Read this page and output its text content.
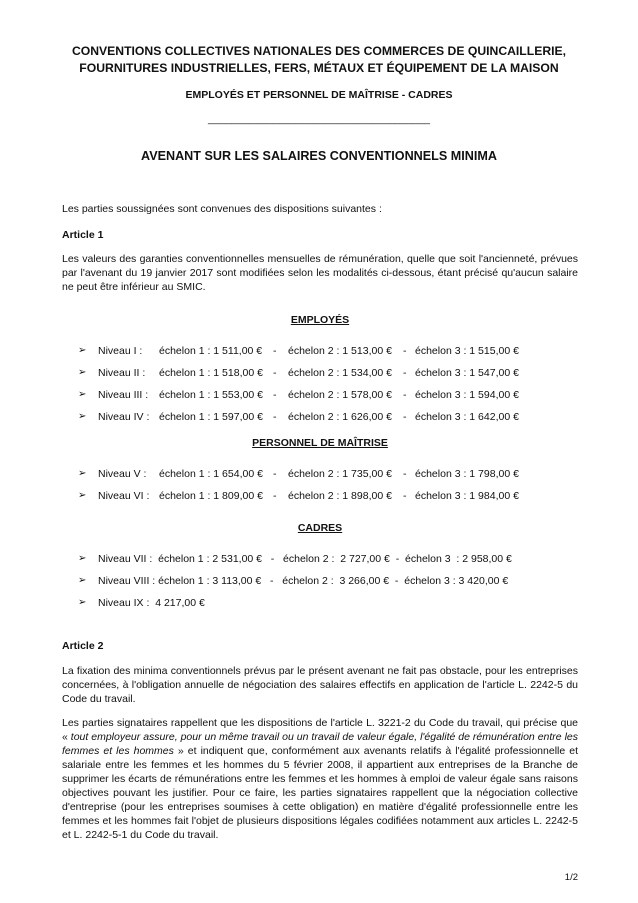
CONVENTIONS COLLECTIVES NATIONALES DES COMMERCES DE QUINCAILLERIE,
FOURNITURES INDUSTRIELLES, FERS, MÉTAUX ET ÉQUIPEMENT DE LA MAISON
EMPLOYÉS ET PERSONNEL DE MAÎTRISE - CADRES
______________________________________
AVENANT SUR LES SALAIRES CONVENTIONNELS MINIMA
Les parties soussignées sont convenues des dispositions suivantes :
Article 1
Les valeurs des garanties conventionnelles mensuelles de rémunération, quelle que soit l'ancienneté, prévues par l'avenant du 19 janvier 2017 sont modifiées selon les modalités ci-dessous, étant précisé qu'aucun salaire ne peut être inférieur au SMIC.
EMPLOYÉS
➢ Niveau I : échelon 1 : 1 511,00 € - échelon 2 : 1 513,00 € - échelon 3 : 1 515,00 €
➢ Niveau II : échelon 1 : 1 518,00 € - échelon 2 : 1 534,00 € - échelon 3 : 1 547,00 €
➢ Niveau III : échelon 1 : 1 553,00 € - échelon 2 : 1 578,00 € - échelon 3 : 1 594,00 €
➢ Niveau IV : échelon 1 : 1 597,00 € - échelon 2 : 1 626,00 € - échelon 3 : 1 642,00 €
PERSONNEL DE MAÎTRISE
➢ Niveau V : échelon 1 : 1 654,00 € - échelon 2 : 1 735,00 € - échelon 3 : 1 798,00 €
➢ Niveau VI : échelon 1 : 1 809,00 € - échelon 2 : 1 898,00 € - échelon 3 : 1 984,00 €
CADRES
➢ Niveau VII :  échelon 1 : 2 531,00 €   -   échelon 2 :  2 727,00 €  -  échelon 3  : 2 958,00 €
➢ Niveau VIII : échelon 1 : 3 113,00 €   -   échelon 2 :  3 266,00 €  -  échelon 3 : 3 420,00 €
➢ Niveau IX :  4 217,00 €
Article 2
La fixation des minima conventionnels prévus par le présent avenant ne fait pas obstacle, pour les entreprises concernées, à l'obligation annuelle de négociation des salaires effectifs en application de l'article L. 2242-5 du Code du travail.
Les parties signataires rappellent que les dispositions de l'article L. 3221-2 du Code du travail, qui précise que « tout employeur assure, pour un même travail ou un travail de valeur égale, l'égalité de rémunération entre les femmes et les hommes » et indiquent que, conformément aux avenants relatifs à l'égalité professionnelle et salariale entre les femmes et les hommes du 5 février 2008, il appartient aux entreprises de la Branche de supprimer les écarts de rémunérations entre les femmes et les hommes à emploi de valeur égale sans raisons objectives pouvant les justifier. Pour ce faire, les parties signataires rappellent que la négociation collective d'entreprise (pour les entreprises soumises à cette obligation) en matière d'égalité professionnelle entre les femmes et les hommes fait l'objet de plusieurs dispositions légales codifiées notamment aux articles L. 2242-5 et L. 2242-5-1 du Code du travail.
1/2
